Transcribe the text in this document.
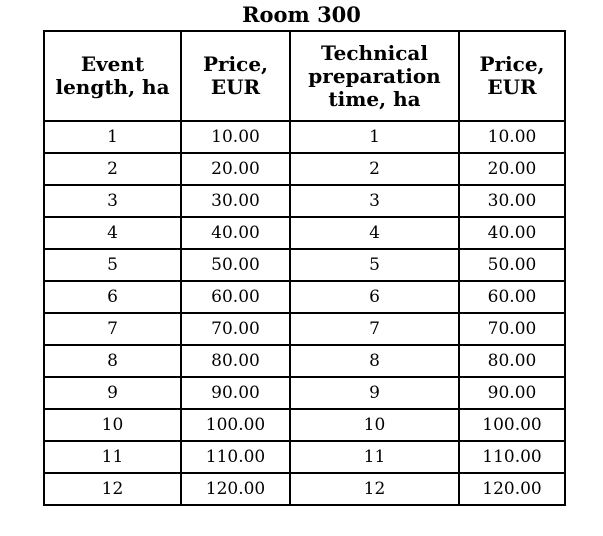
Room 300
Event length, ha	Price, EUR	Technical preparation time, ha	Price, EUR
1	10.00	1	10.00
2	20.00	2	20.00
3	30.00	3	30.00
4	40.00	4	40.00
5	50.00	5	50.00
6	60.00	6	60.00
7	70.00	7	70.00
8	80.00	8	80.00
9	90.00	9	90.00
10	100.00	10	100.00
11	110.00	11	110.00
12	120.00	12	120.00
